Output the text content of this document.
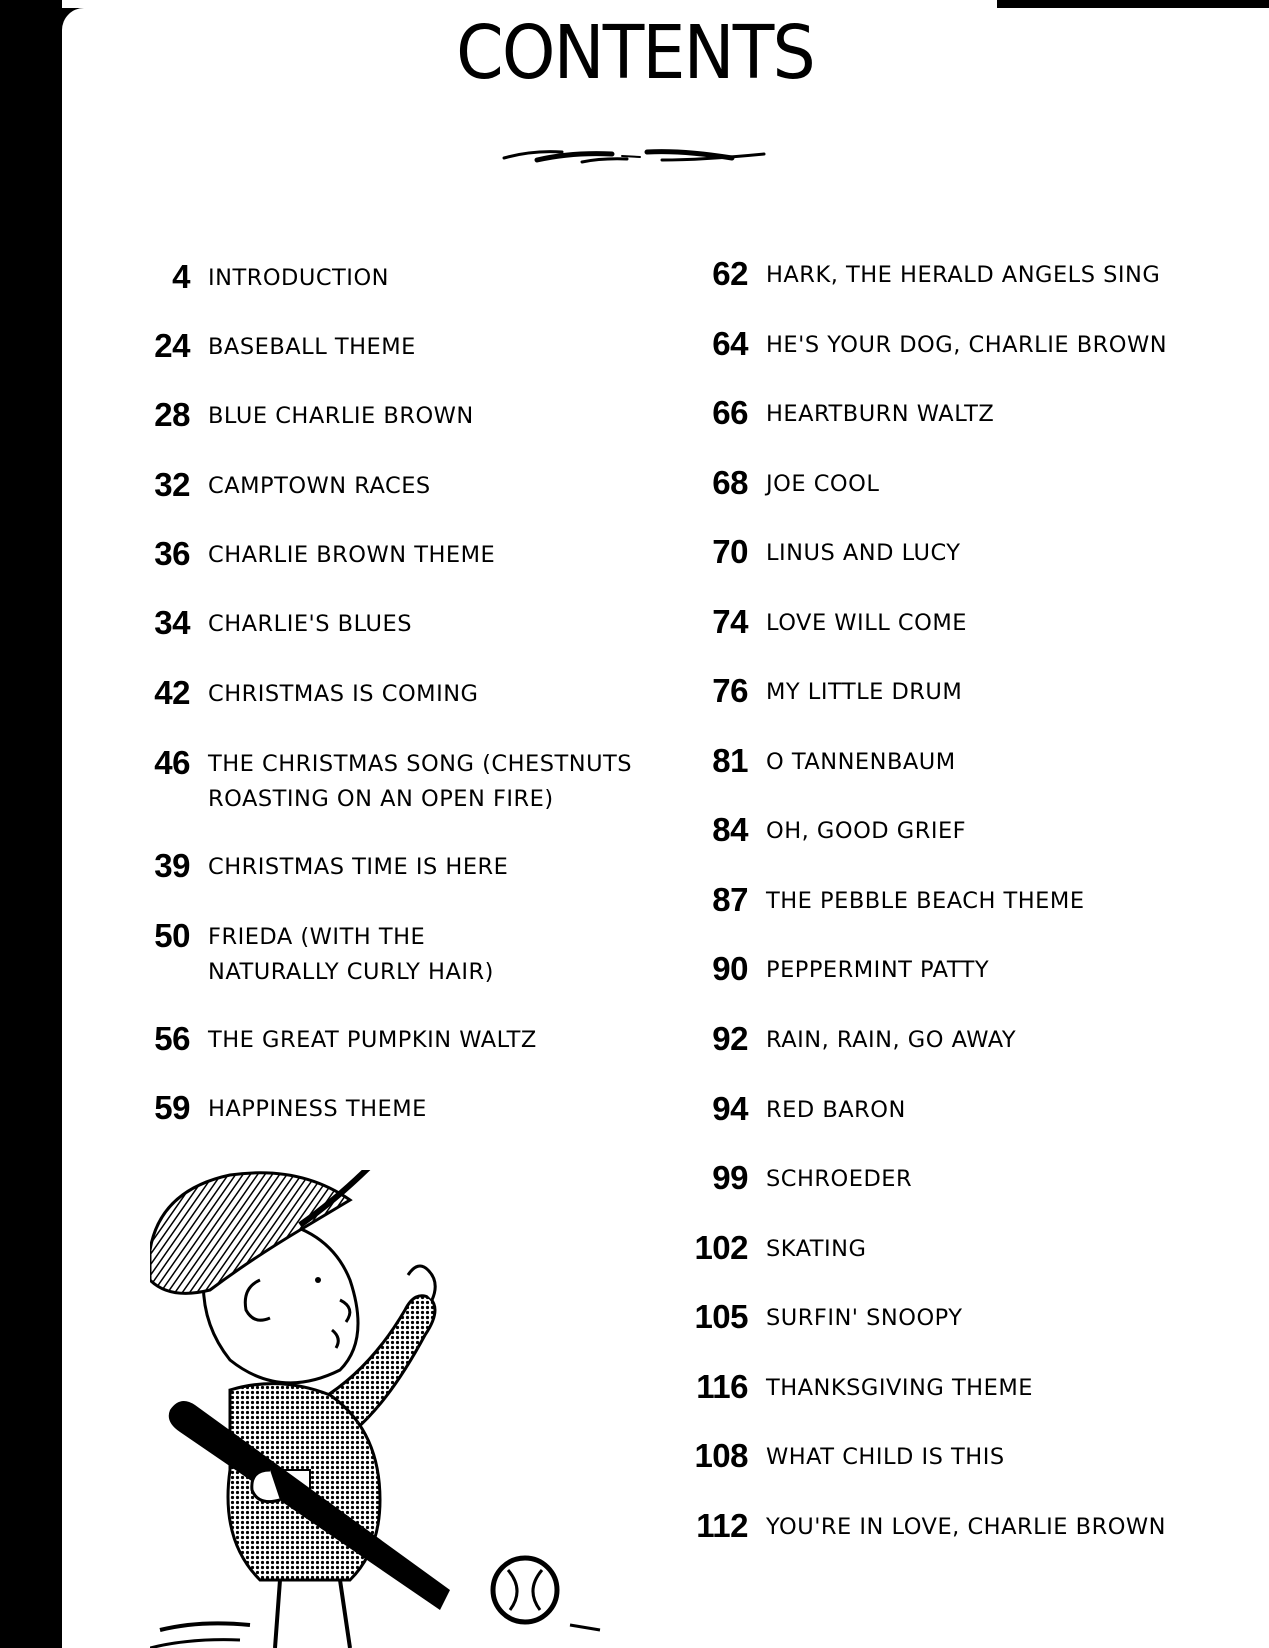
CONTENTS
4 INTRODUCTION
24 BASEBALL THEME
28 BLUE CHARLIE BROWN
32 CAMPTOWN RACES
36 CHARLIE BROWN THEME
34 CHARLIE'S BLUES
42 CHRISTMAS IS COMING
46 THE CHRISTMAS SONG (CHESTNUTS
ROASTING ON AN OPEN FIRE)
39 CHRISTMAS TIME IS HERE
50 FRIEDA (WITH THE
NATURALLY CURLY HAIR)
56 THE GREAT PUMPKIN WALTZ
59 HAPPINESS THEME
62 HARK, THE HERALD ANGELS SING
64 HE'S YOUR DOG, CHARLIE BROWN
66 HEARTBURN WALTZ
68 JOE COOL
70 LINUS AND LUCY
74 LOVE WILL COME
76 MY LITTLE DRUM
81 O TANNENBAUM
84 OH, GOOD GRIEF
87 THE PEBBLE BEACH THEME
90 PEPPERMINT PATTY
92 RAIN, RAIN, GO AWAY
94 RED BARON
99 SCHROEDER
102 SKATING
105 SURFIN' SNOOPY
116 THANKSGIVING THEME
108 WHAT CHILD IS THIS
112 YOU'RE IN LOVE, CHARLIE BROWN
